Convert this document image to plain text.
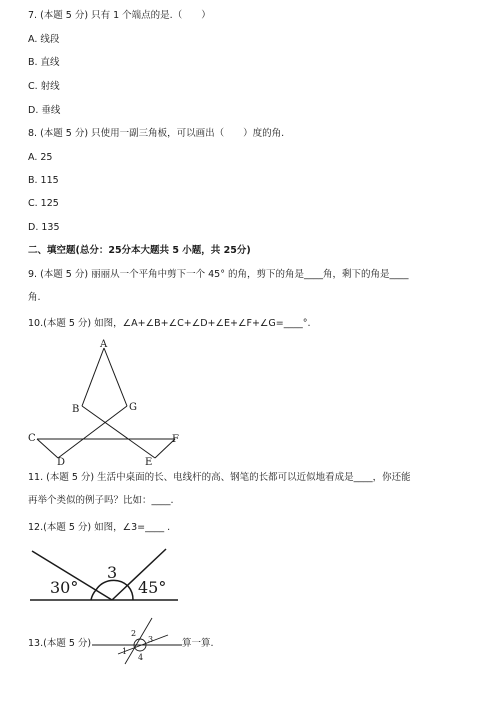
7. (本题 5 分) 只有 1 个端点的是.（　　）
A. 线段
B. 直线
C. 射线
D. 垂线
8. (本题 5 分) 只使用一副三角板，可以画出（　　）度的角.
A. 25
B. 115
C. 125
D. 135
二、填空题(总分：25分本大题共 5 小题，共 25分)
9. (本题 5 分) 丽丽从一个平角中剪下一个 45° 的角，剪下的角是____角，剩下的角是____
角.
10.(本题 5 分) 如图，∠A+∠B+∠C+∠D+∠E+∠F+∠G=____°.
A
B	G
C	F
D	E
11. (本题 5 分) 生活中桌面的长、电线杆的高、钢笔的长都可以近似地看成是____，你还能
再举个类似的例子吗？比如：____.
12.(本题 5 分) 如图，∠3=____ .
30°
3
45°
13.(本题 5 分)
2
3
1
4
算一算.
